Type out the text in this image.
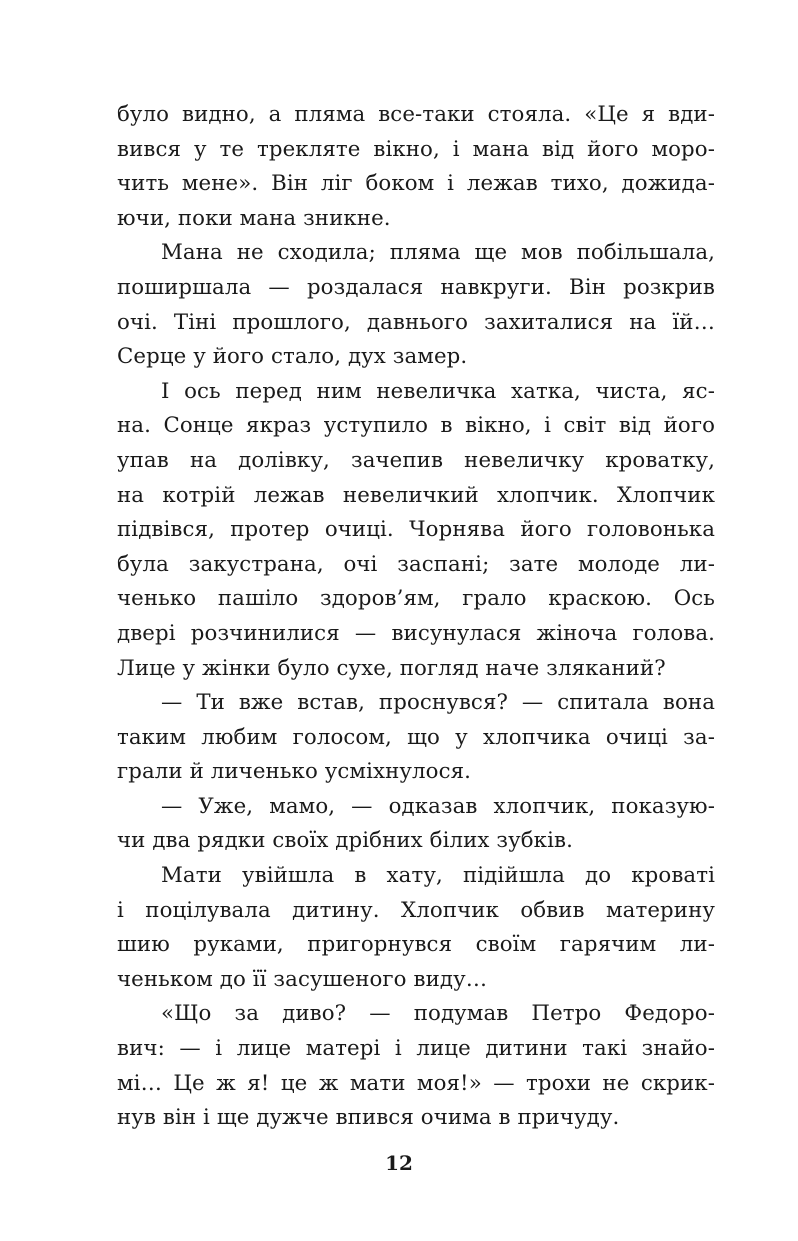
було видно, а пляма все-таки стояла. «Це я вди-
вився у те трекляте вікно, і мана від його моро-
чить мене». Він ліг боком і лежав тихо, дожида-
ючи, поки мана зникне.

Мана не сходила; пляма ще мов побільшала,
поширшала — роздалася навкруги. Він розкрив
очі. Тіні прошлого, давнього захиталися на їй…
Серце у його стало, дух замер.

І ось перед ним невеличка хатка, чиста, яс-
на. Сонце якраз уступило в вікно, і світ від його
упав на долівку, зачепив невеличку кроватку,
на котрій лежав невеличкий хлопчик. Хлопчик
підвівся, протер очиці. Чорнява його головонька
була закустрана, очі заспані; зате молоде ли-
ченько пашіло здоров’ям, грало краскою. Ось
двері розчинилися — висунулася жіноча голова.
Лице у жінки було сухе, погляд наче зляканий?

— Ти вже встав, проснувся? — спитала вона
таким любим голосом, що у хлопчика очиці за-
грали й личенько усміхнулося.

— Уже, мамо, — одказав хлопчик, показую-
чи два рядки своїх дрібних білих зубків.

Мати увійшла в хату, підійшла до кроваті
і поцілувала дитину. Хлопчик обвив материну
шию руками, пригорнувся своїм гарячим ли-
ченьком до її засушеного виду…

«Що за диво? — подумав Петро Федоро-
вич: — і лице матері і лице дитини такі знайо-
мі… Це ж я! це ж мати моя!» — трохи не скрик-
нув він і ще дужче впився очима в причуду.

12
